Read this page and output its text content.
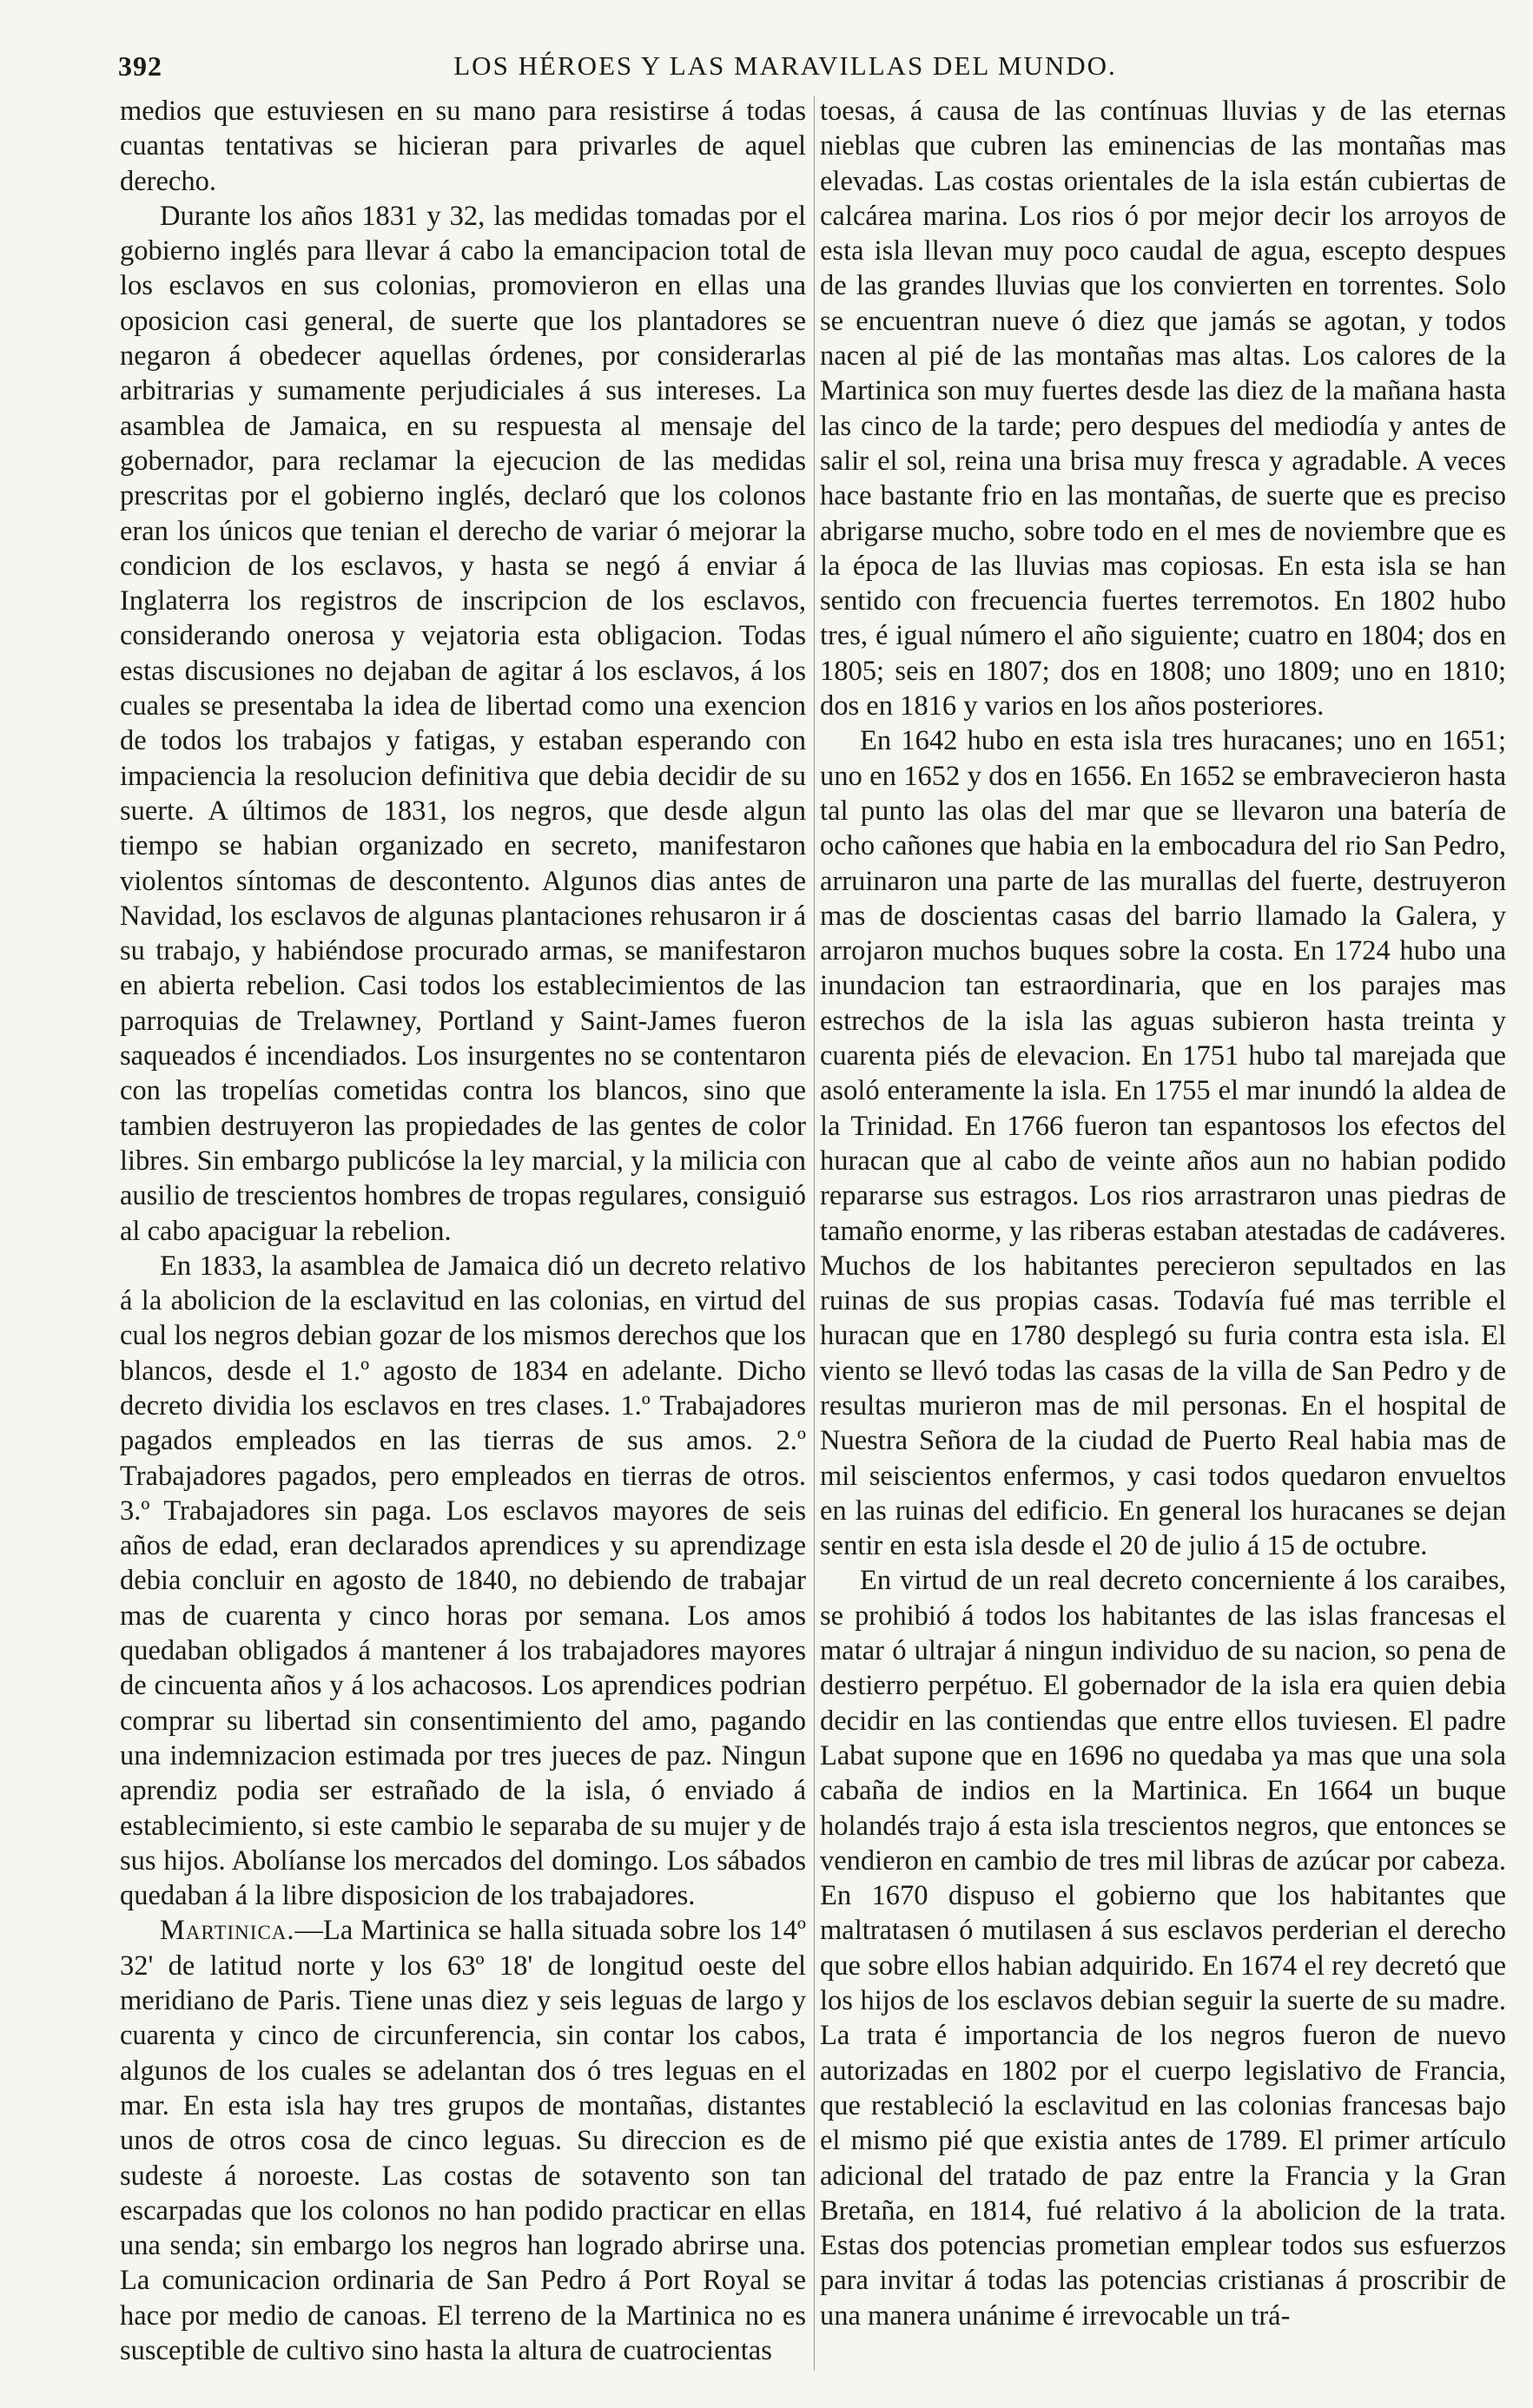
392	LOS HÉROES Y LAS MARAVILLAS DEL MUNDO.

medios que estuviesen en su mano para resistirse á todas cuantas tentativas se hicieran para privarles de aquel derecho.

Durante los años 1831 y 32, las medidas tomadas por el gobierno inglés para llevar á cabo la emancipacion total de los esclavos en sus colonias, promovieron en ellas una oposicion casi general, de suerte que los plantadores se negaron á obedecer aquellas órdenes, por considerarlas arbitrarias y sumamente perjudiciales á sus intereses. La asamblea de Jamaica, en su respuesta al mensaje del gobernador, para reclamar la ejecucion de las medidas prescritas por el gobierno inglés, declaró que los colonos eran los únicos que tenian el derecho de variar ó mejorar la condicion de los esclavos, y hasta se negó á enviar á Inglaterra los registros de inscripcion de los esclavos, considerando onerosa y vejatoria esta obligacion. Todas estas discusiones no dejaban de agitar á los esclavos, á los cuales se presentaba la idea de libertad como una exencion de todos los trabajos y fatigas, y estaban esperando con impaciencia la resolucion definitiva que debia decidir de su suerte. A últimos de 1831, los negros, que desde algun tiempo se habian organizado en secreto, manifestaron violentos síntomas de descontento. Algunos dias antes de Navidad, los esclavos de algunas plantaciones rehusaron ir á su trabajo, y habiéndose procurado armas, se manifestaron en abierta rebelion. Casi todos los establecimientos de las parroquias de Trelawney, Portland y Saint-James fueron saqueados é incendiados. Los insurgentes no se contentaron con las tropelías cometidas contra los blancos, sino que tambien destruyeron las propiedades de las gentes de color libres. Sin embargo publicóse la ley marcial, y la milicia con ausilio de trescientos hombres de tropas regulares, consiguió al cabo apaciguar la rebelion.

En 1833, la asamblea de Jamaica dió un decreto relativo á la abolicion de la esclavitud en las colonias, en virtud del cual los negros debian gozar de los mismos derechos que los blancos, desde el 1.º agosto de 1834 en adelante. Dicho decreto dividia los esclavos en tres clases. 1.º Trabajadores pagados empleados en las tierras de sus amos. 2.º Trabajadores pagados, pero empleados en tierras de otros. 3.º Trabajadores sin paga. Los esclavos mayores de seis años de edad, eran declarados aprendices y su aprendizage debia concluir en agosto de 1840, no debiendo de trabajar mas de cuarenta y cinco horas por semana. Los amos quedaban obligados á mantener á los trabajadores mayores de cincuenta años y á los achacosos. Los aprendices podrian comprar su libertad sin consentimiento del amo, pagando una indemnizacion estimada por tres jueces de paz. Ningun aprendiz podia ser estrañado de la isla, ó enviado á establecimiento, si este cambio le separaba de su mujer y de sus hijos. Abolíanse los mercados del domingo. Los sábados quedaban á la libre disposicion de los trabajadores.

Martinica.—La Martinica se halla situada sobre los 14º 32' de latitud norte y los 63º 18' de longitud oeste del meridiano de Paris. Tiene unas diez y seis leguas de largo y cuarenta y cinco de circunferencia, sin contar los cabos, algunos de los cuales se adelantan dos ó tres leguas en el mar. En esta isla hay tres grupos de montañas, distantes unos de otros cosa de cinco leguas. Su direccion es de sudeste á noroeste. Las costas de sotavento son tan escarpadas que los colonos no han podido practicar en ellas una senda; sin embargo los negros han logrado abrirse una. La comunicacion ordinaria de San Pedro á Port Royal se hace por medio de canoas. El terreno de la Martinica no es susceptible de cultivo sino hasta la altura de cuatrocientas

toesas, á causa de las contínuas lluvias y de las eternas nieblas que cubren las eminencias de las montañas mas elevadas. Las costas orientales de la isla están cubiertas de calcárea marina. Los rios ó por mejor decir los arroyos de esta isla llevan muy poco caudal de agua, escepto despues de las grandes lluvias que los convierten en torrentes. Solo se encuentran nueve ó diez que jamás se agotan, y todos nacen al pié de las montañas mas altas. Los calores de la Martinica son muy fuertes desde las diez de la mañana hasta las cinco de la tarde; pero despues del mediodía y antes de salir el sol, reina una brisa muy fresca y agradable. A veces hace bastante frio en las montañas, de suerte que es preciso abrigarse mucho, sobre todo en el mes de noviembre que es la época de las lluvias mas copiosas. En esta isla se han sentido con frecuencia fuertes terremotos. En 1802 hubo tres, é igual número el año siguiente; cuatro en 1804; dos en 1805; seis en 1807; dos en 1808; uno 1809; uno en 1810; dos en 1816 y varios en los años posteriores.

En 1642 hubo en esta isla tres huracanes; uno en 1651; uno en 1652 y dos en 1656. En 1652 se embravecieron hasta tal punto las olas del mar que se llevaron una batería de ocho cañones que habia en la embocadura del rio San Pedro, arruinaron una parte de las murallas del fuerte, destruyeron mas de doscientas casas del barrio llamado la Galera, y arrojaron muchos buques sobre la costa. En 1724 hubo una inundacion tan estraordinaria, que en los parajes mas estrechos de la isla las aguas subieron hasta treinta y cuarenta piés de elevacion. En 1751 hubo tal marejada que asoló enteramente la isla. En 1755 el mar inundó la aldea de la Trinidad. En 1766 fueron tan espantosos los efectos del huracan que al cabo de veinte años aun no habian podido repararse sus estragos. Los rios arrastraron unas piedras de tamaño enorme, y las riberas estaban atestadas de cadáveres. Muchos de los habitantes perecieron sepultados en las ruinas de sus propias casas. Todavía fué mas terrible el huracan que en 1780 desplegó su furia contra esta isla. El viento se llevó todas las casas de la villa de San Pedro y de resultas murieron mas de mil personas. En el hospital de Nuestra Señora de la ciudad de Puerto Real habia mas de mil seiscientos enfermos, y casi todos quedaron envueltos en las ruinas del edificio. En general los huracanes se dejan sentir en esta isla desde el 20 de julio á 15 de octubre.

En virtud de un real decreto concerniente á los caraibes, se prohibió á todos los habitantes de las islas francesas el matar ó ultrajar á ningun individuo de su nacion, so pena de destierro perpétuo. El gobernador de la isla era quien debia decidir en las contiendas que entre ellos tuviesen. El padre Labat supone que en 1696 no quedaba ya mas que una sola cabaña de indios en la Martinica. En 1664 un buque holandés trajo á esta isla trescientos negros, que entonces se vendieron en cambio de tres mil libras de azúcar por cabeza. En 1670 dispuso el gobierno que los habitantes que maltratasen ó mutilasen á sus esclavos perderian el derecho que sobre ellos habian adquirido. En 1674 el rey decretó que los hijos de los esclavos debian seguir la suerte de su madre. La trata é importancia de los negros fueron de nuevo autorizadas en 1802 por el cuerpo legislativo de Francia, que restableció la esclavitud en las colonias francesas bajo el mismo pié que existia antes de 1789. El primer artículo adicional del tratado de paz entre la Francia y la Gran Bretaña, en 1814, fué relativo á la abolicion de la trata. Estas dos potencias prometian emplear todos sus esfuerzos para invitar á todas las potencias cristianas á proscribir de una manera unánime é irrevocable un trá-
